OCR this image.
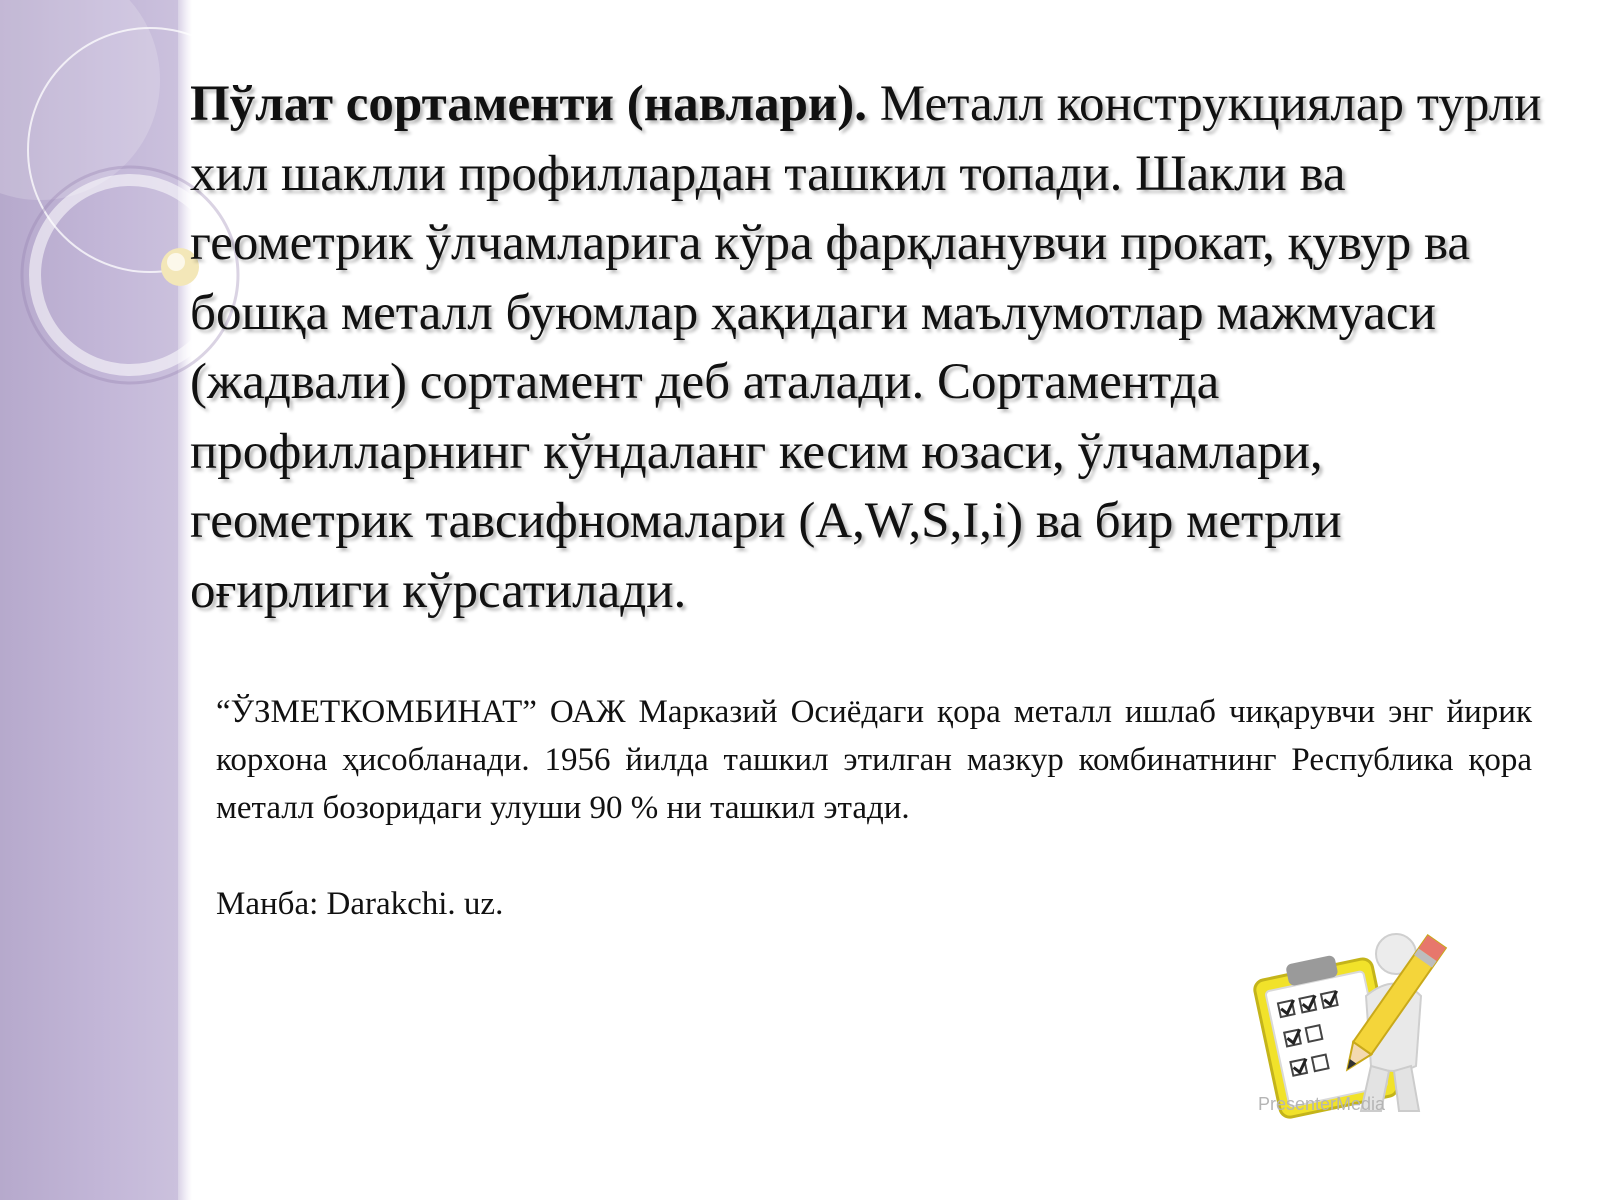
Пўлат сортаменти (навлари). Металл конструкциялар турли хил шаклли профиллардан ташкил топади. Шакли ва геометрик ўлчамларига кўра фарқланувчи прокат, қувур ва бошқа металл буюмлар ҳақидаги маълумотлар мажмуаси (жадвали) сортамент деб аталади. Сортаментда профилларнинг кўндаланг кесим юзаси, ўлчамлари, геометрик тавсифномалари (A,W,S,I,i) ва бир метрли оғирлиги кўрсатилади.

“ЎЗМЕТКОМБИНАТ” ОАЖ Марказий Осиёдаги қора металл ишлаб чиқарувчи энг йирик корхона ҳисобланади. 1956 йилда ташкил этилган мазкур комбинатнинг Республика қора металл бозоридаги улуши 90 % ни ташкил этади.

Манба: Darakchi. uz.

PresenterMedia
